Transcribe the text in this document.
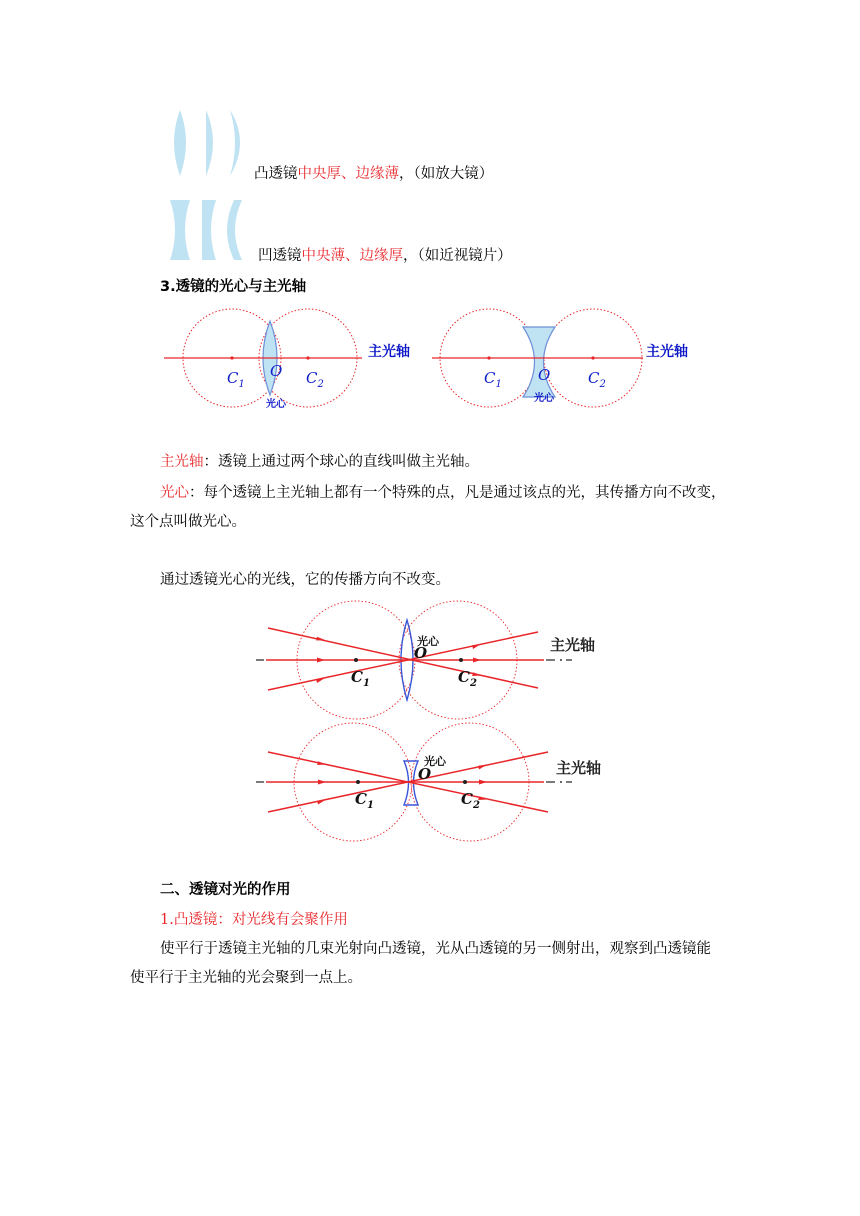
凸透镜中央厚、边缘薄，（如放大镜）
凹透镜中央薄、边缘厚，（如近视镜片）
3.透镜的光心与主光轴
主光轴
$C_1$
O $C_2$
光心
主光轴
$C_1$
O	$C_2$
光心
主光轴：透镜上通过两个球心的直线叫做主光轴。
光心：每个透镜上主光轴上都有一个特殊的点，凡是通过该点的光，其传播方向不改变，
这个点叫做光心。
通过透镜光心的光线，它的传播方向不改变。
光心
O
$C_1$	$C_2$
主光轴
光心
O
$C_1$	$C_2$
主光轴
二、透镜对光的作用
1.凸透镜：对光线有会聚作用
使平行于透镜主光轴的几束光射向凸透镜，光从凸透镜的另一侧射出，观察到凸透镜能
使平行于主光轴的光会聚到一点上。
